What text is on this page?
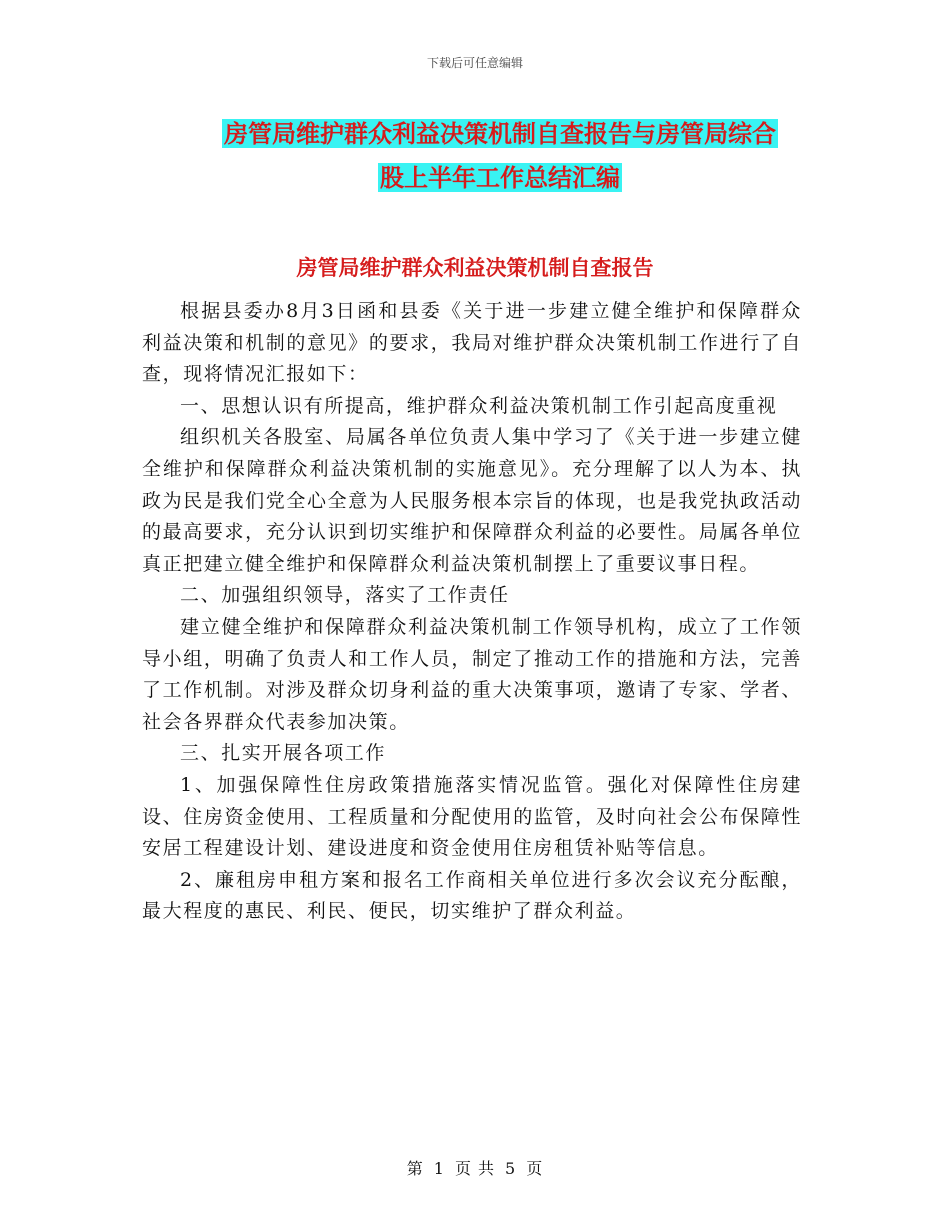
下载后可任意编辑
房管局维护群众利益决策机制自查报告与房管局综合
股上半年工作总结汇编
房管局维护群众利益决策机制自查报告

根据县委办8月3日函和县委《关于进一步建立健全维护和保障群众利益决策和机制的意见》的要求，我局对维护群众决策机制工作进行了自查，现将情况汇报如下：

一、思想认识有所提高，维护群众利益决策机制工作引起高度重视

组织机关各股室、局属各单位负责人集中学习了《关于进一步建立健全维护和保障群众利益决策机制的实施意见》。充分理解了以人为本、执政为民是我们党全心全意为人民服务根本宗旨的体现，也是我党执政活动的最高要求，充分认识到切实维护和保障群众利益的必要性。局属各单位真正把建立健全维护和保障群众利益决策机制摆上了重要议事日程。

二、加强组织领导，落实了工作责任

建立健全维护和保障群众利益决策机制工作领导机构，成立了工作领导小组，明确了负责人和工作人员，制定了推动工作的措施和方法，完善了工作机制。对涉及群众切身利益的重大决策事项，邀请了专家、学者、社会各界群众代表参加决策。

三、扎实开展各项工作

1、加强保障性住房政策措施落实情况监管。强化对保障性住房建设、住房资金使用、工程质量和分配使用的监管，及时向社会公布保障性安居工程建设计划、建设进度和资金使用住房租赁补贴等信息。

2、廉租房申租方案和报名工作商相关单位进行多次会议充分酝酿，最大程度的惠民、利民、便民，切实维护了群众利益。

第 1 页 共 5 页
